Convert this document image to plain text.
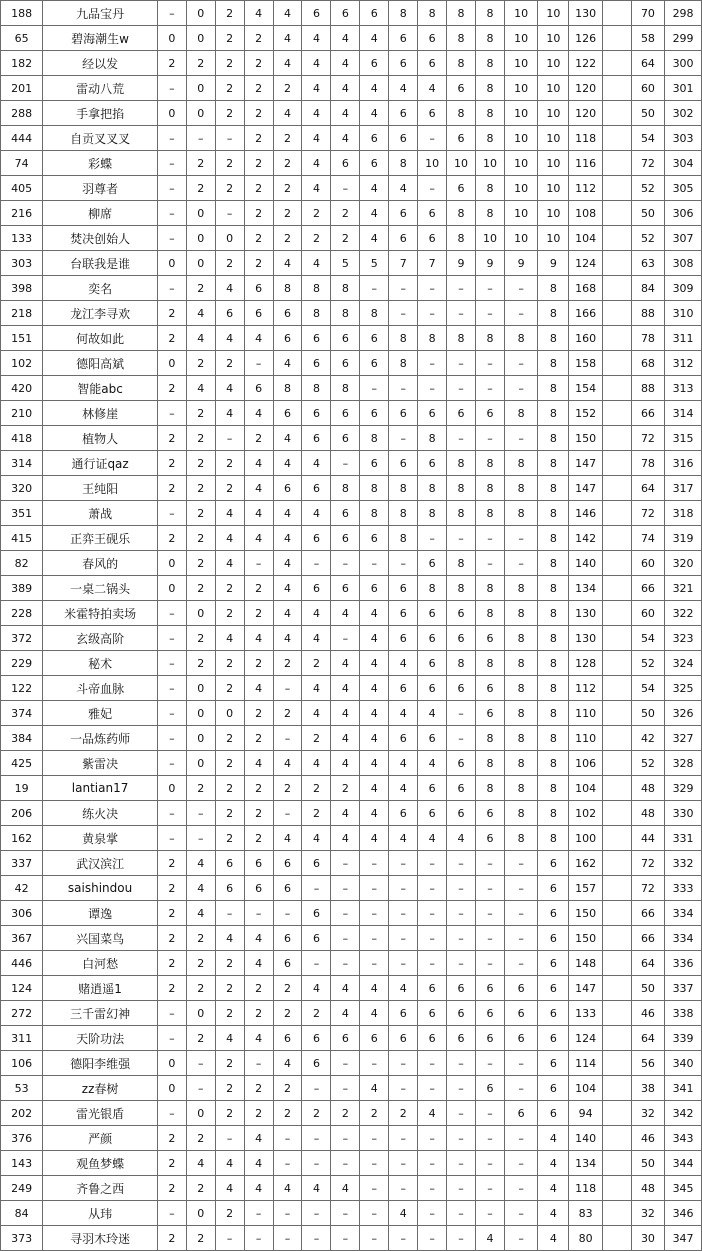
188	九品宝丹	–	0	2	4	4	6	6	6	8	8	8	8	10	10	130		70	298
65	碧海潮生w	0	0	2	2	4	4	4	4	6	6	8	8	10	10	126		58	299
182	经以发	2	2	2	2	4	4	4	6	6	6	8	8	10	10	122		64	300
201	雷动八荒	–	0	2	2	2	4	4	4	4	4	6	8	10	10	120		60	301
288	手拿把掐	0	0	2	2	4	4	4	4	6	6	8	8	10	10	120		50	302
444	自贡叉叉叉	–	–	–	2	2	4	4	6	6	–	6	8	10	10	118		54	303
74	彩蝶	–	2	2	2	2	4	6	6	8	10	10	10	10	10	116		72	304
405	羽尊者	–	2	2	2	2	4	–	4	4	–	6	8	10	10	112		52	305
216	柳席	–	0	–	2	2	2	2	4	6	6	8	8	10	10	108		50	306
133	焚决创始人	–	0	0	2	2	2	2	4	6	6	8	10	10	10	104		52	307
303	台联我是谁	0	0	2	2	4	4	5	5	7	7	9	9	9	9	124		63	308
398	奕名	–	2	4	6	8	8	8	–	–	–	–	–	–	8	168		84	309
218	龙江李寻欢	2	4	6	6	6	8	8	8	–	–	–	–	–	8	166		88	310
151	何故如此	2	4	4	4	6	6	6	6	8	8	8	8	8	8	160		78	311
102	德阳高斌	0	2	2	–	4	6	6	6	8	–	–	–	–	8	158		68	312
420	智能abc	2	4	4	6	8	8	8	–	–	–	–	–	–	8	154		88	313
210	林修崖	–	2	4	4	6	6	6	6	6	6	6	6	8	8	152		66	314
418	植物人	2	2	–	2	4	6	6	8	–	8	–	–	–	8	150		72	315
314	通行证qaz	2	2	2	4	4	4	–	6	6	6	8	8	8	8	147		78	316
320	王纯阳	2	2	2	4	6	6	8	8	8	8	8	8	8	8	147		64	317
351	萧战	–	2	4	4	4	4	6	8	8	8	8	8	8	8	146		72	318
415	正弈王砚乐	2	2	4	4	4	6	6	6	8	–	–	–	–	8	142		74	319
82	春风的	0	2	4	–	4	–	–	–	–	6	8	–	–	8	140		60	320
389	一桌二锅头	0	2	2	2	4	6	6	6	6	8	8	8	8	8	134		66	321
228	米霍特拍卖场	–	0	2	2	4	4	4	4	6	6	6	8	8	8	130		60	322
372	玄级高阶	–	2	4	4	4	4	–	4	6	6	6	6	8	8	130		54	323
229	秘术	–	2	2	2	2	2	4	4	4	6	8	8	8	8	128		52	324
122	斗帝血脉	–	0	2	4	–	4	4	4	6	6	6	6	8	8	112		54	325
374	雅妃	–	0	0	2	2	4	4	4	4	4	–	6	8	8	110		50	326
384	一品炼药师	–	0	2	2	–	2	4	4	6	6	–	8	8	8	110		42	327
425	紫雷决	–	0	2	4	4	4	4	4	4	4	6	8	8	8	106		52	328
19	lantian17	0	2	2	2	2	2	2	4	4	6	6	8	8	8	104		48	329
206	练火决	–	–	2	2	–	2	4	4	6	6	6	6	8	8	102		48	330
162	黄泉掌	–	–	2	2	4	4	4	4	4	4	4	6	8	8	100		44	331
337	武汉滨江	2	4	6	6	6	6	–	–	–	–	–	–	–	6	162		72	332
42	saishindou	2	4	6	6	6	–	–	–	–	–	–	–	–	6	157		72	333
306	谭逸	2	4	–	–	–	6	–	–	–	–	–	–	–	6	150		66	334
367	兴国菜鸟	2	2	4	4	6	6	–	–	–	–	–	–	–	6	150		66	334
446	白河愁	2	2	2	4	6	–	–	–	–	–	–	–	–	6	148		64	336
124	赌逍遥1	2	2	2	2	2	4	4	4	4	6	6	6	6	6	147		50	337
272	三千雷幻神	–	0	2	2	2	2	4	4	6	6	6	6	6	6	133		46	338
311	天阶功法	–	2	4	4	6	6	6	6	6	6	6	6	6	6	124		64	339
106	德阳李维强	0	–	2	–	4	6	–	–	–	–	–	–	–	6	114		56	340
53	zz春树	0	–	2	2	2	–	–	4	–	–	–	6	–	6	104		38	341
202	雷光银盾	–	0	2	2	2	2	2	2	2	4	–	–	6	6	94		32	342
376	严颜	2	2	–	4	–	–	–	–	–	–	–	–	–	4	140		46	343
143	观鱼梦蝶	2	4	4	4	–	–	–	–	–	–	–	–	–	4	134		50	344
249	齐鲁之西	2	2	4	4	4	4	4	–	–	–	–	–	–	4	118		48	345
84	从玮	–	0	2	–	–	–	–	–	4	–	–	–	–	4	83		32	346
373	寻羽木玲迷	2	2	–	–	–	–	–	–	–	–	–	4	–	4	80		30	347
